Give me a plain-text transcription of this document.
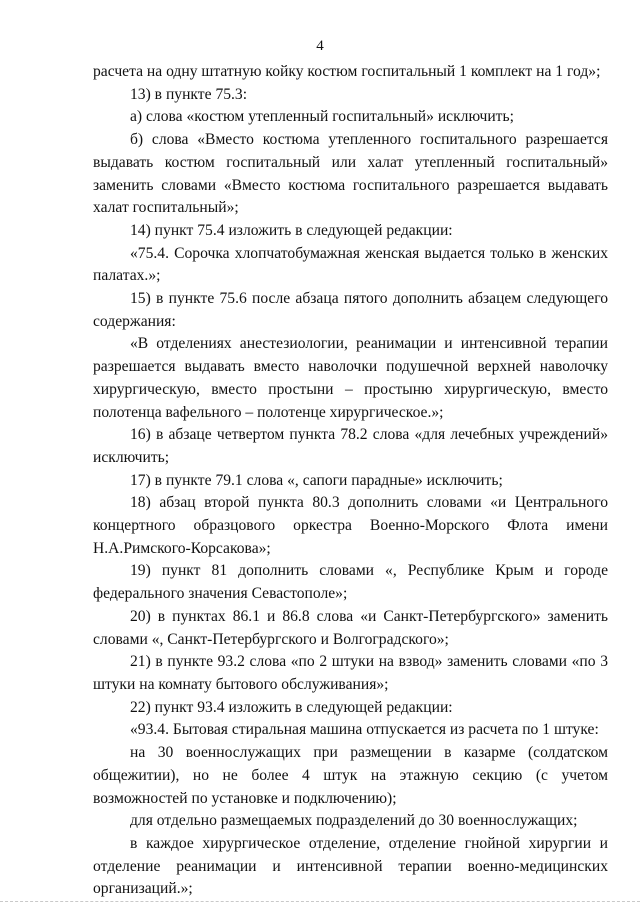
4

расчета на одну штатную койку костюм госпитальный 1 комплект на 1 год»;

13) в пункте 75.3:

а) слова «костюм утепленный госпитальный» исключить;

б) слова «Вместо костюма утепленного госпитального разрешается выдавать костюм госпитальный или халат утепленный госпитальный» заменить словами «Вместо костюма госпитального разрешается выдавать халат госпитальный»;

14) пункт 75.4 изложить в следующей редакции:

«75.4. Сорочка хлопчатобумажная женская выдается только в женских палатах.»;

15) в пункте 75.6 после абзаца пятого дополнить абзацем следующего содержания:

«В отделениях анестезиологии, реанимации и интенсивной терапии разрешается выдавать вместо наволочки подушечной верхней наволочку хирургическую, вместо простыни – простыню хирургическую, вместо полотенца вафельного – полотенце хирургическое.»;

16) в абзаце четвертом пункта 78.2 слова «для лечебных учреждений» исключить;

17) в пункте 79.1 слова «, сапоги парадные» исключить;

18) абзац второй пункта 80.3 дополнить словами «и Центрального концертного образцового оркестра Военно-Морского Флота имени Н.А.Римского-Корсакова»;

19) пункт 81 дополнить словами «, Республике Крым и городе федерального значения Севастополе»;

20) в пунктах 86.1 и 86.8 слова «и Санкт-Петербургского» заменить словами «, Санкт-Петербургского и Волгоградского»;

21) в пункте 93.2 слова «по 2 штуки на взвод» заменить словами «по 3 штуки на комнату бытового обслуживания»;

22) пункт 93.4 изложить в следующей редакции:

«93.4. Бытовая стиральная машина отпускается из расчета по 1 штуке:

на 30 военнослужащих при размещении в казарме (солдатском общежитии), но не более 4 штук на этажную секцию (с учетом возможностей по установке и подключению);

для отдельно размещаемых подразделений до 30 военнослужащих;

в каждое хирургическое отделение, отделение гнойной хирургии и отделение реанимации и интенсивной терапии военно-медицинских организаций.»;
